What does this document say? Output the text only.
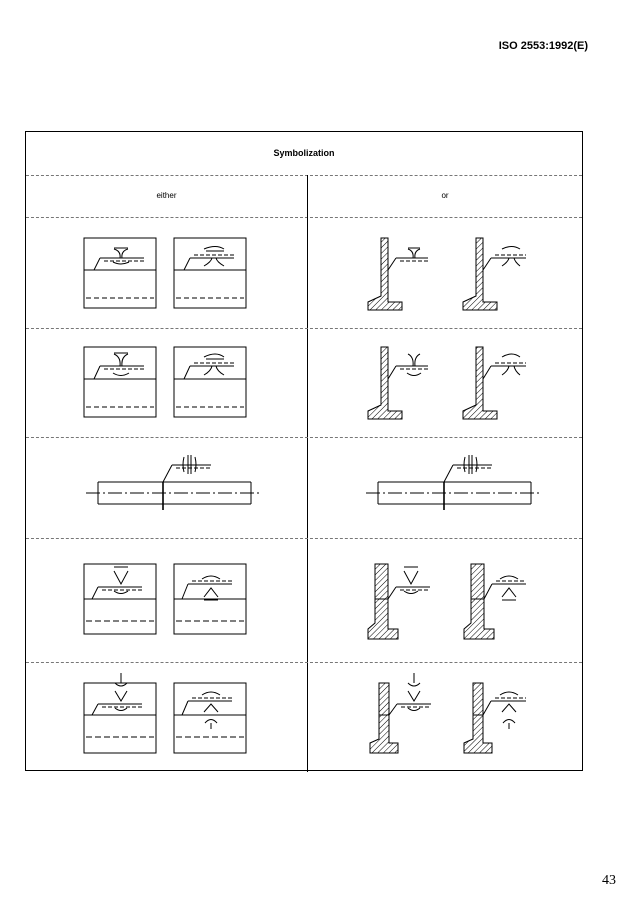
ISO 2553:1992(E)
Symbolization
either	or
43
